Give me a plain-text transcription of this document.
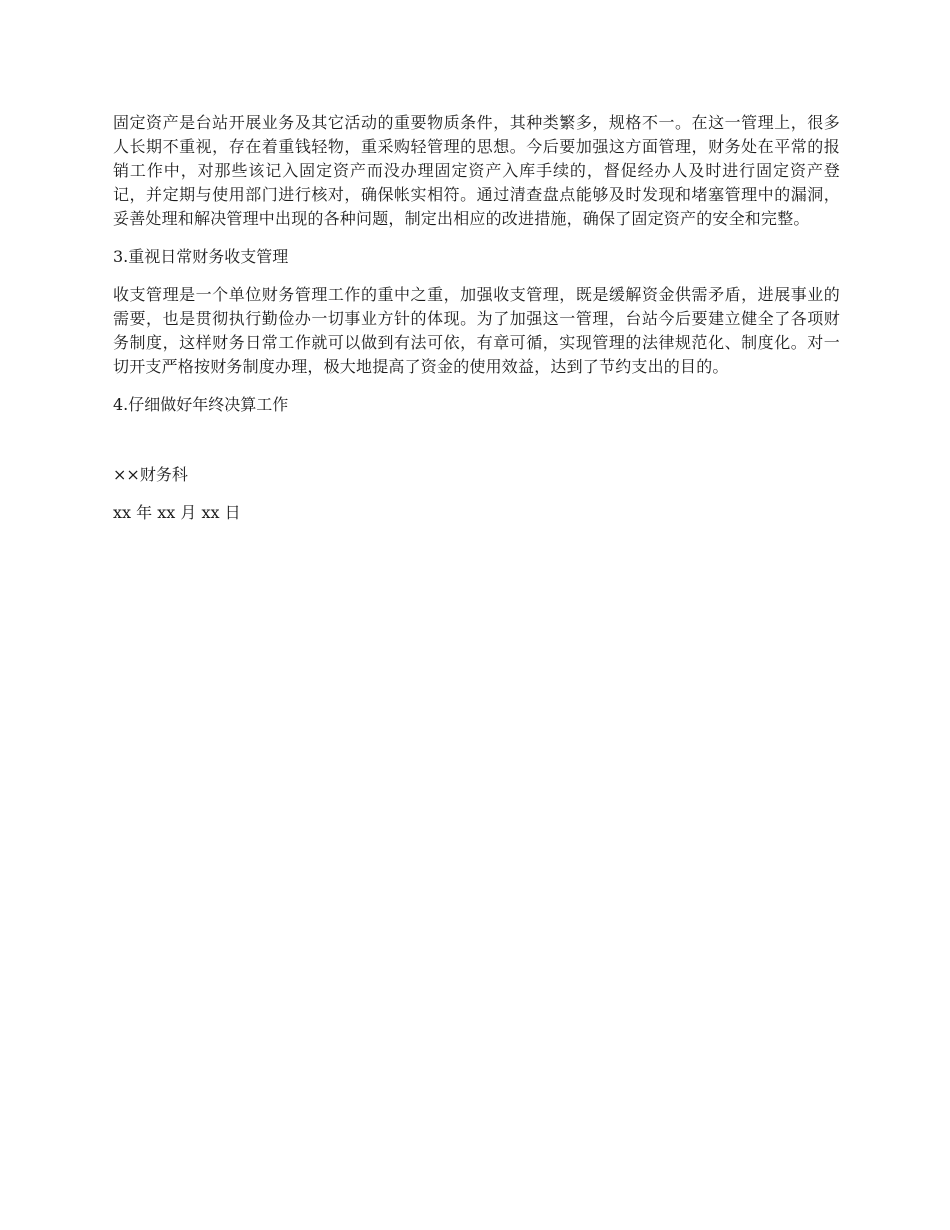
固定资产是台站开展业务及其它活动的重要物质条件，其种类繁多，规格不一。在这一管理上，很多人长期不重视，存在着重钱轻物，重采购轻管理的思想。今后要加强这方面管理，财务处在平常的报销工作中，对那些该记入固定资产而没办理固定资产入库手续的，督促经办人及时进行固定资产登记，并定期与使用部门进行核对，确保帐实相符。通过清查盘点能够及时发现和堵塞管理中的漏洞，妥善处理和解决管理中出现的各种问题，制定出相应的改进措施，确保了固定资产的安全和完整。

3.重视日常财务收支管理

收支管理是一个单位财务管理工作的重中之重，加强收支管理，既是缓解资金供需矛盾，进展事业的需要，也是贯彻执行勤俭办一切事业方针的体现。为了加强这一管理，台站今后要建立健全了各项财务制度，这样财务日常工作就可以做到有法可依，有章可循，实现管理的法律规范化、制度化。对一切开支严格按财务制度办理，极大地提高了资金的使用效益，达到了节约支出的目的。

4.仔细做好年终决算工作

××财务科

xx 年 xx 月 xx 日
